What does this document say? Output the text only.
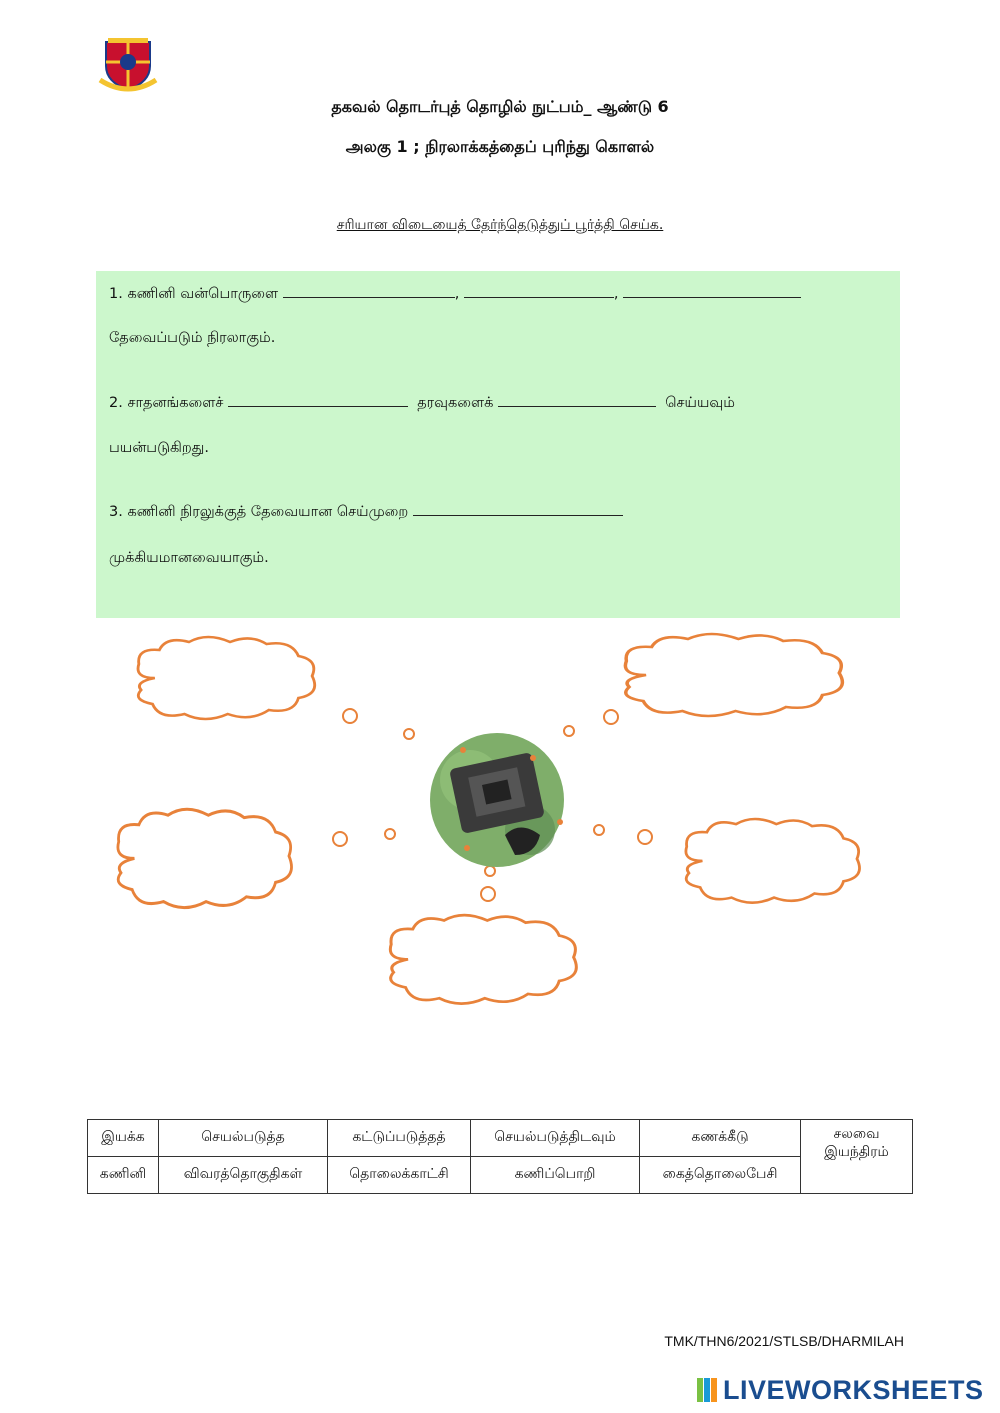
தகவல் தொடர்புத் தொழில் நுட்பம்_ ஆண்டு 6
அலகு 1 ; நிரலாக்கத்தைப் புரிந்து கொளல்
சரியான விடையைத் தேர்ந்தெடுத்துப் பூர்த்தி செய்க.
1. கணினி வன்பொருளை	,	,
தேவைப்படும் நிரலாகும்.
2. சாதனங்களைச்	தரவுகளைக்	செய்யவும்
பயன்படுகிறது.
3. கணினி நிரலுக்குத் தேவையான செய்முறை
முக்கியமானவையாகும்.
இயக்க	செயல்படுத்த	கட்டுப்படுத்தத்	செயல்படுத்திடவும்	கணக்கீடு	சலவை
இயந்திரம்

கணினி	விவரத்தொகுதிகள்	தொலைக்காட்சி	கணிப்பொறி	கைத்தொலைபேசி	
TMK/THN6/2021/STLSB/DHARMILAH
LIVEWORKSHEETS
